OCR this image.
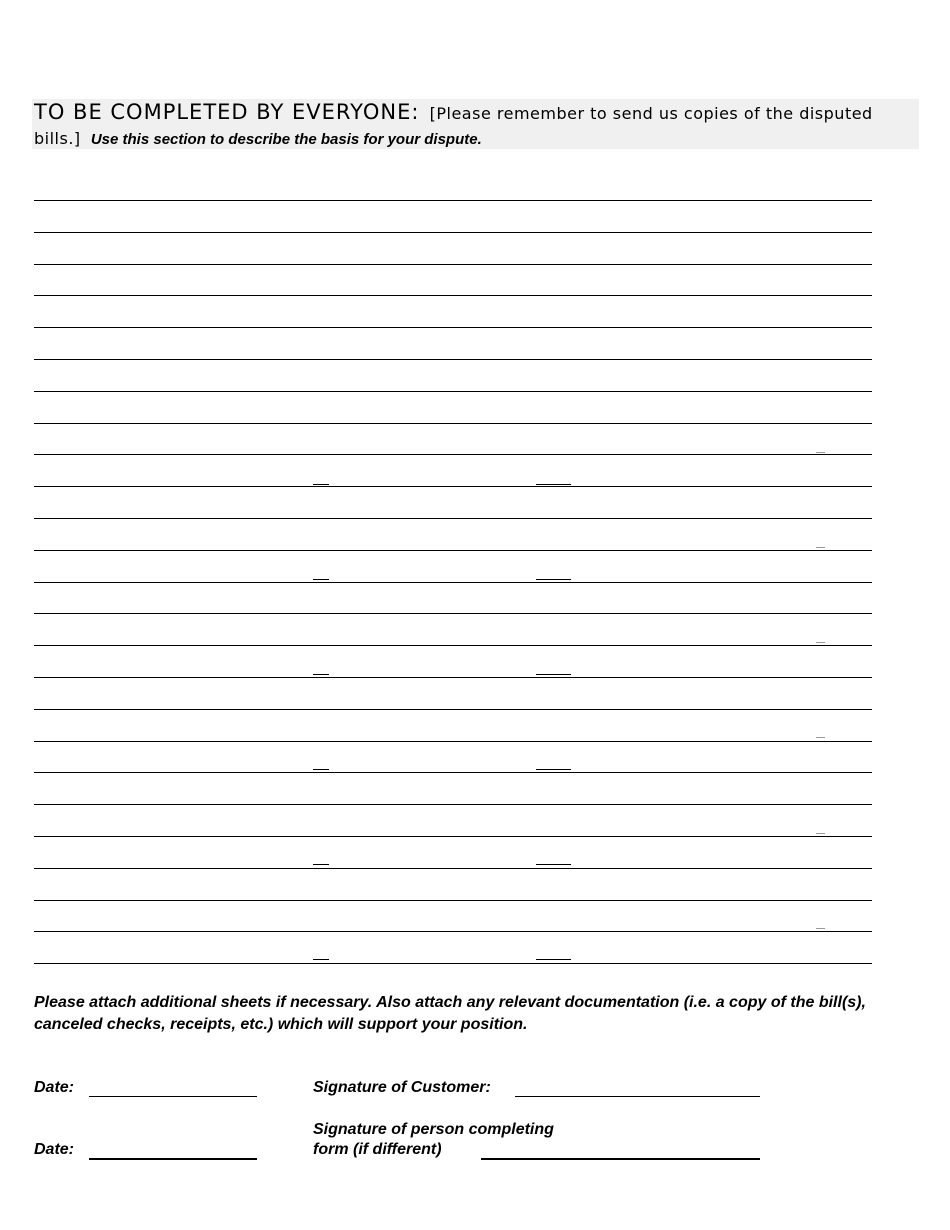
TO BE COMPLETED BY EVERYONE: [Please remember to send us copies of the disputed bills.] Use this section to describe the basis for your dispute.

Please attach additional sheets if necessary. Also attach any relevant documentation (i.e. a copy of the bill(s), canceled checks, receipts, etc.) which will support your position.

Date:	Signature of Customer:
Signature of person completing
form (if different)
Date:
